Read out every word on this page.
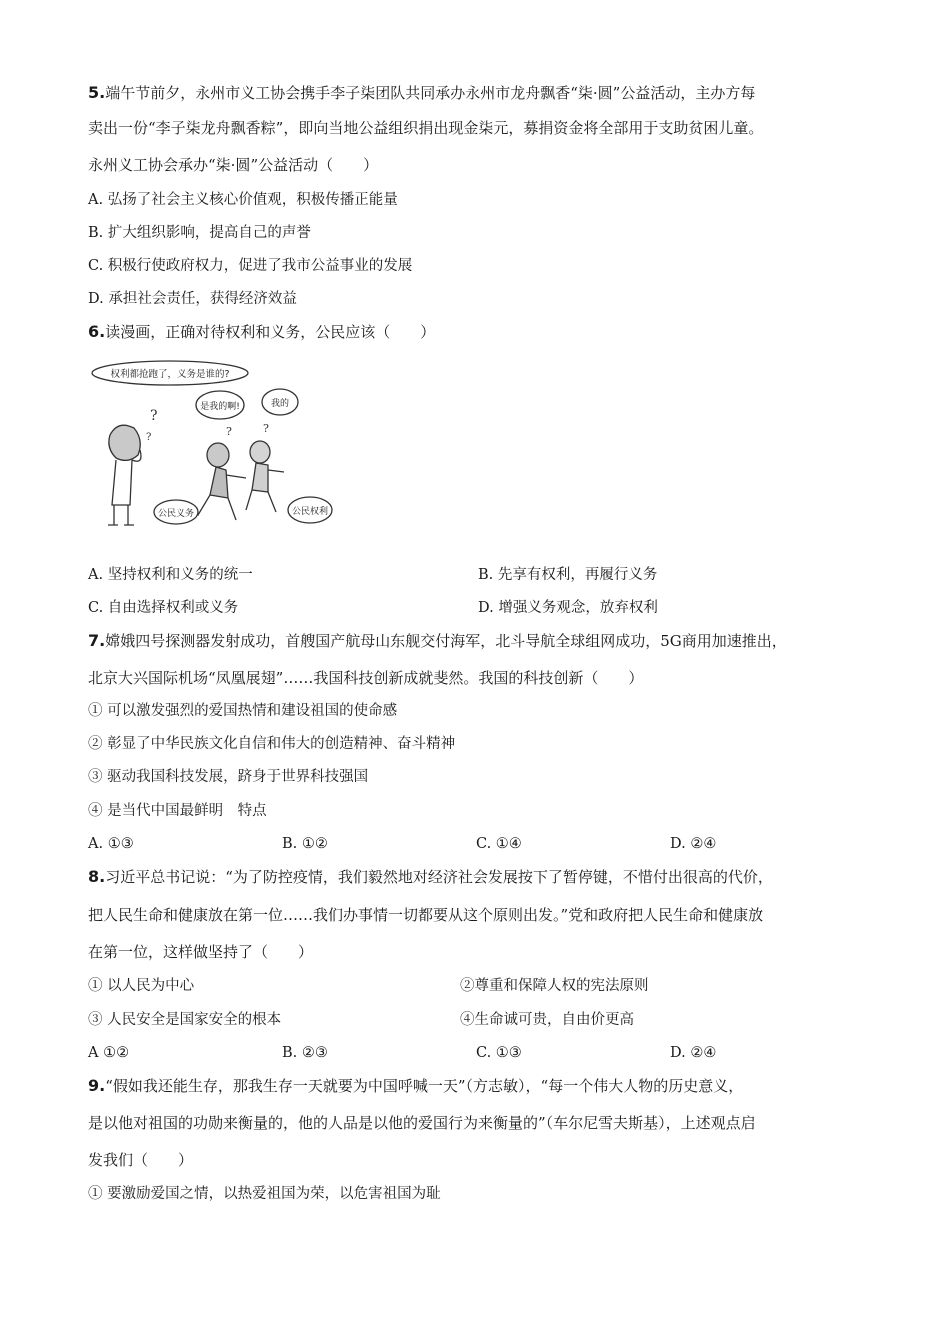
5.端午节前夕，永州市义工协会携手李子柒团队共同承办永州市龙舟飘香“柒·圆”公益活动，主办方每
卖出一份“李子柒龙舟飘香粽”，即向当地公益组织捐出现金柒元，募捐资金将全部用于支助贫困儿童。
永州义工协会承办“柒·圆”公益活动（　　）
A. 弘扬了社会主义核心价值观，积极传播正能量
B. 扩大组织影响，提高自己的声誉
C. 积极行使政府权力，促进了我市公益事业的发展
D. 承担社会责任，获得经济效益
6.读漫画，正确对待权利和义务，公民应该（　　）
权利都抢跑了，义务是谁的?
是我的啊!	我的
?
?	?	?
公民义务	公民权利
A. 坚持权利和义务的统一	B. 先享有权利，再履行义务
C. 自由选择权利或义务	D. 增强义务观念，放弃权利
7.嫦娥四号探测器发射成功，首艘国产航母山东舰交付海军，北斗导航全球组网成功，5G商用加速推出，
北京大兴国际机场“凤凰展翅”……我国科技创新成就斐然。我国的科技创新（　　）
① 可以激发强烈的爱国热情和建设祖国的使命感
② 彰显了中华民族文化自信和伟大的创造精神、奋斗精神
③ 驱动我国科技发展，跻身于世界科技强国
④ 是当代中国最鲜明　特点
A. ①③	B. ①②	C. ①④	D. ②④
8.习近平总书记说：“为了防控疫情，我们毅然地对经济社会发展按下了暂停键，不惜付出很高的代价，
把人民生命和健康放在第一位……我们办事情一切都要从这个原则出发。”党和政府把人民生命和健康放
在第一位，这样做坚持了（　　）
① 以人民为中心	②尊重和保障人权的宪法原则
③ 人民安全是国家安全的根本	④生命诚可贵，自由价更高
A ①②	B. ②③	C. ①③	D. ②④
9.“假如我还能生存，那我生存一天就要为中国呼喊一天”（方志敏），“每一个伟大人物的历史意义，
是以他对祖国的功勋来衡量的，他的人品是以他的爱国行为来衡量的”（车尔尼雪夫斯基），上述观点启
发我们（　　）
① 要激励爱国之情，以热爱祖国为荣，以危害祖国为耻
